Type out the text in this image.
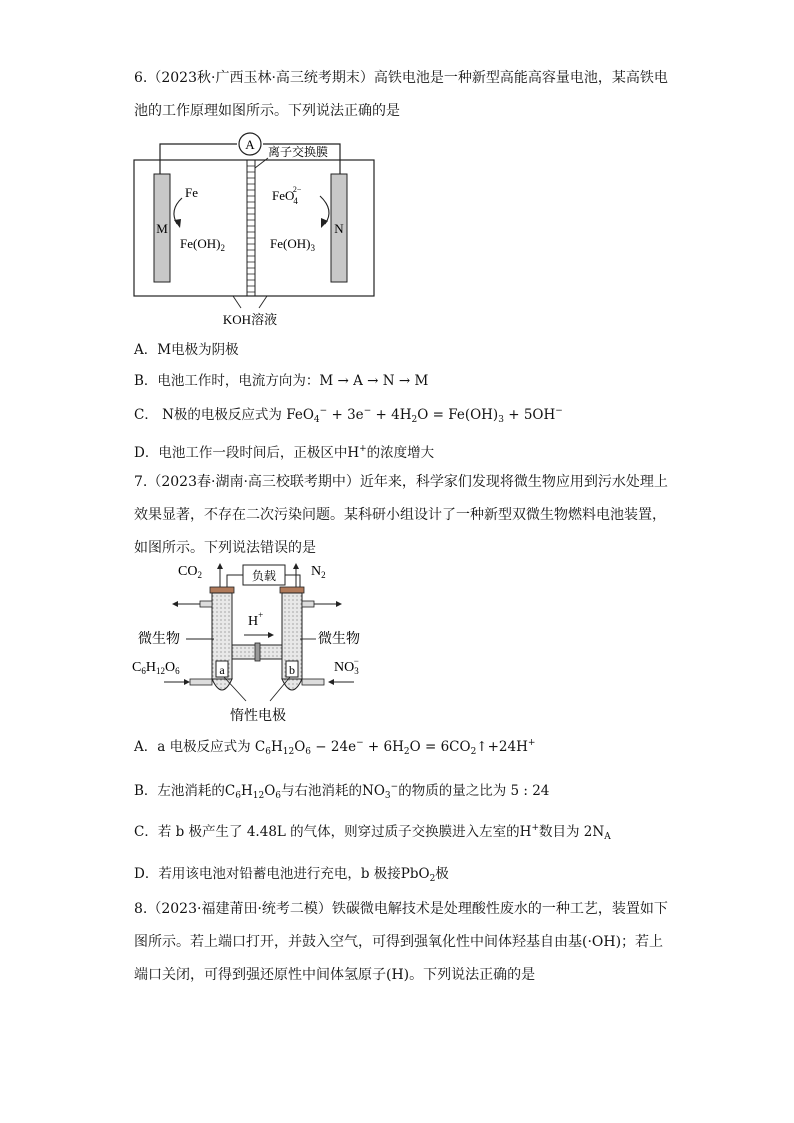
6.（2023秋·广西玉林·高三统考期末）高铁电池是一种新型高能高容量电池，某高铁电
池的工作原理如图所示。下列说法正确的是
A
M	N
离子交换膜
Fe
$Fe(OH)_2$
FeO42−
$Fe(OH)_3$
KOH溶液
A．M电极为阴极
B．电池工作时，电流方向为：M → A → N → M
C． N极的电极反应式为 $FeO_4^- + 3e^- + 4H_2O = Fe(OH)_3 + 5OH^-$
D．电池工作一段时间后，正极区中H+的浓度增大
7.（2023春·湖南·高三校联考期中）近年来，科学家们发现将微生物应用到污水处理上
效果显著，不存在二次污染问题。某科研小组设计了一种新型双微生物燃料电池装置，
如图所示。下列说法错误的是
$CO_2$	$N_2$
负载
a	b
H+
微生物	微生物
$C_6H_{12}O_6$	$NO_3-$
惰性电极
A．a 电极反应式为 $C_6H_{12}O_6 - 24e^- + 6H_2O$ = $6CO_2↑+24H^+$
B．左池消耗的$C_6H_{12}O_6$与右池消耗的$NO_3^-$的物质的量之比为 5 : 24
C．若 b 极产生了 4.48L 的气体，则穿过质子交换膜进入左室的H+数目为 $2N_A$
D．若用该电池对铅蓄电池进行充电，b 极接PbO$_2$极
8.（2023·福建莆田·统考二模）铁碳微电解技术是处理酸性废水的一种工艺，装置如下
图所示。若上端口打开，并鼓入空气，可得到强氧化性中间体羟基自由基(·OH)；若上
端口关闭，可得到强还原性中间体氢原子(H)。下列说法正确的是
